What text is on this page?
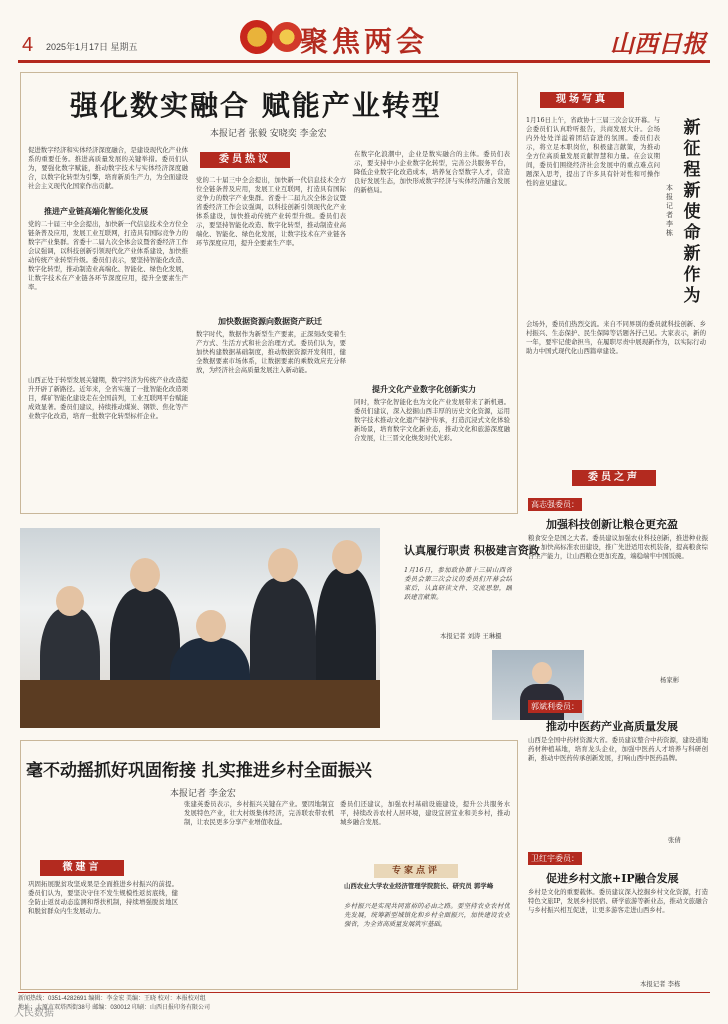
4 2025年1月17日 星期五	聚焦两会	山西日报
强化数实融合 赋能产业转型
本报记者 张毅 安晓奕 李金宏
委员热议
促进数字经济和实体经济深度融合，是建设现代化产业体系的重要任务。推进高质量发展的关键举措。委员们认为，要强化数字赋能，推动数字技术与实体经济深度融合，以数字化转型为引擎，培育新质生产力，为全面建设社会主义现代化国家作出贡献。
推进产业链高端化智能化发展
党的二十届三中全会提出，加快新一代信息技术全方位全链条普及应用，发展工业互联网，打造具有国际竞争力的数字产业集群。省委十二届九次全体会议暨省委经济工作会议强调，以科技创新引领现代化产业体系建设，加快推动传统产业转型升级。委员们表示，要坚持智能化改造、数字化转型，推动制造业高端化、智能化、绿色化发展，让数字技术在产业链各环节深度应用，提升全要素生产率。
山西正处于转型发展关键期，数字经济为传统产业改造提升开辟了新路径。近年来，全省实施了一批智能化改造项目，煤矿智能化建设走在全国前列，工业互联网平台赋能成效显著。委员们建议，持续推动煤炭、钢铁、焦化等产业数字化改造，培育一批数字化转型标杆企业。
党的二十届三中全会提出，加快新一代信息技术全方位全链条普及应用，发展工业互联网，打造具有国际竞争力的数字产业集群。省委十二届九次全体会议暨省委经济工作会议强调，以科技创新引领现代化产业体系建设，加快推动传统产业转型升级。委员们表示，要坚持智能化改造、数字化转型，推动制造业高端化、智能化、绿色化发展，让数字技术在产业链各环节深度应用，提升全要素生产率。
加快数据资源向数据资产跃迁
数字时代，数据作为新型生产要素，正深刻改变着生产方式、生活方式和社会治理方式。委员们认为，要加快构建数据基础制度，推动数据资源开发利用，健全数据要素市场体系，让数据要素的乘数效应充分释放，为经济社会高质量发展注入新动能。
在数字化浪潮中，企业是数实融合的主体。委员们表示，要支持中小企业数字化转型，完善公共服务平台，降低企业数字化改造成本，培养复合型数字人才，营造良好发展生态，加快形成数字经济与实体经济融合发展的新格局。
提升文化产业数字化创新实力
同时，数字化智能化也为文化产业发展带来了新机遇。委员们建议，深入挖掘山西丰厚的历史文化资源，运用数字技术推动文化遗产保护传承，打造沉浸式文化体验新场景，培育数字文化新业态，推动文化和旅游深度融合发展，让三晋文化焕发时代光彩。
现场写真
新征程 新使命 新作为
本报记者 李栋
1月16日上午，省政协十三届三次会议开幕。与会委员们认真聆听报告，共商发展大计。会场内外处处洋溢着团结奋进的氛围。委员们表示，将立足本职岗位，积极建言献策，为推动全方位高质量发展贡献智慧和力量。在会议期间，委员们围绕经济社会发展中的重点难点问题深入思考，提出了许多具有针对性和可操作性的意见建议。
会场外，委员们热烈交流。来自不同界别的委员就科技创新、乡村振兴、生态保护、民生保障等话题各抒己见。大家表示，新的一年，要牢记使命担当，在履职尽责中展现新作为，以实际行动助力中国式现代化山西篇章建设。
认真履行职责 积极建言资政
1月16日，参加政协第十三届山西省委员会第三次会议的委员们开幕会结束后，认真研读文件、交流思想，踊跃建言献策。
本报记者 刘涛 王琳摄
委员之声
高志强委员：
加强科技创新让粮仓更充盈
粮食安全是国之大者。委员建议加强农业科技创新，推进种业振兴，加快高标准农田建设，推广先进适用农机装备，提高粮食综合生产能力，让山西粮仓更加充盈，端稳端牢中国饭碗。
杨家彬
郭斌利委员：
推动中医药产业高质量发展
山西是全国中药材资源大省。委员建议整合中药资源，建设道地药材种植基地，培育龙头企业，加强中医药人才培养与科研创新，推动中医药传承创新发展，打响山西中医药品牌。
张倩
卫红宇委员：
促进乡村文旅+IP融合发展
乡村是文化的重要载体。委员建议深入挖掘乡村文化资源，打造特色文旅IP，发展乡村民宿、研学旅游等新业态，推动文旅融合与乡村振兴相互促进，让更多游客走进山西乡村。
本报记者 李栋
毫不动摇抓好巩固衔接 扎实推进乡村全面振兴
本报记者 李金宏
微建言
巩固拓展脱贫攻坚成果是全面推进乡村振兴的前提。委员们认为，要坚决守住不发生规模性返贫底线，健全防止返贫动态监测和帮扶机制，持续增强脱贫地区和脱贫群众内生发展动力。
张建英委员表示，乡村振兴关键在产业。要因地制宜发展特色产业，壮大村级集体经济，完善联农带农机制，让农民更多分享产业增值收益。
委员们还建议，加强农村基础设施建设，提升公共服务水平，持续改善农村人居环境，建设宜居宜业和美乡村，推动城乡融合发展。
专家点评
山西农业大学农业经济管理学院院长、研究员 郭学峰
乡村振兴是实现共同富裕的必由之路。要坚持农业农村优先发展，统筹新型城镇化和乡村全面振兴，加快建设农业强省，为全省高质量发展筑牢基础。
新闻热线：0351-4282691 编辑：李金宏 美编：王晓 校对：本报校对组
地址：太原市双塔西街38号 邮编：030012 印刷：山西日报印务有限公司
人民数据
